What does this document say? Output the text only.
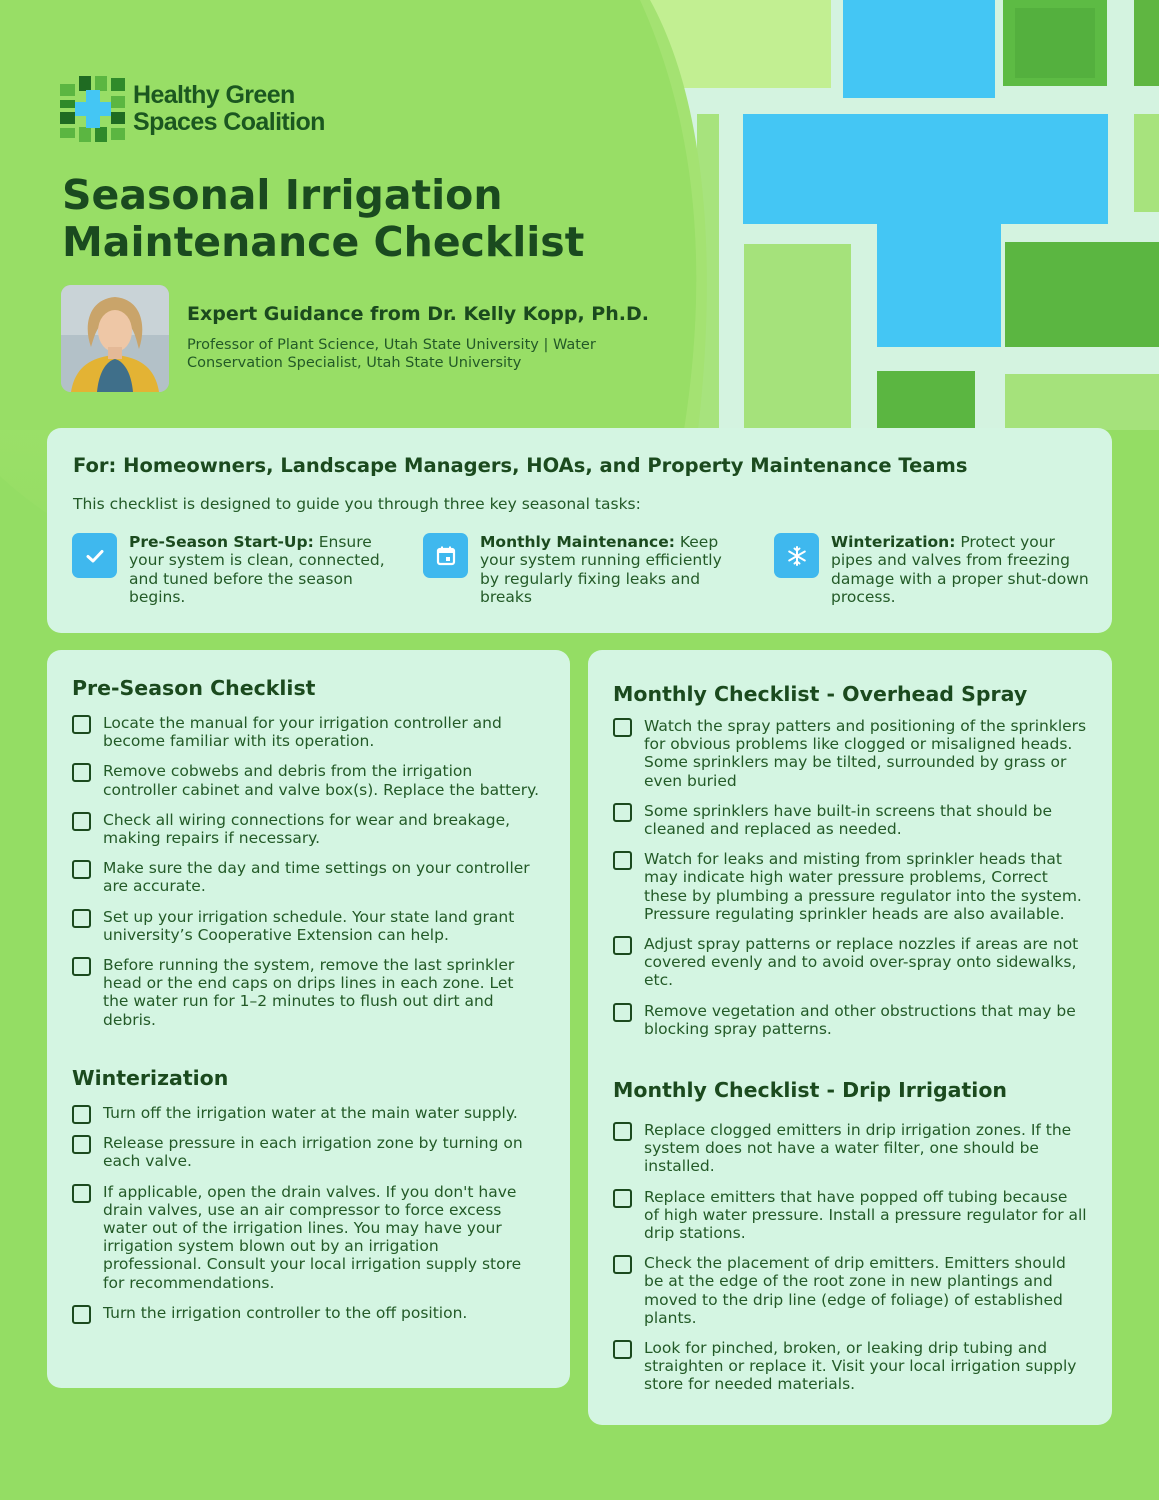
Healthy Green
Spaces Coalition
Seasonal Irrigation
Maintenance Checklist
Expert Guidance from Dr. Kelly Kopp, Ph.D.
Professor of Plant Science, Utah State University | Water Conservation Specialist, Utah State University
For: Homeowners, Landscape Managers, HOAs, and Property Maintenance Teams
This checklist is designed to guide you through three key seasonal tasks:
Pre-Season Start-Up: Ensure your system is clean, connected, and tuned before the season begins.
Monthly Maintenance: Keep your system running efficiently by regularly fixing leaks and breaks
Winterization: Protect your pipes and valves from freezing damage with a proper shut-down process.
Pre-Season Checklist
Locate the manual for your irrigation controller and become familiar with its operation.
Remove cobwebs and debris from the irrigation controller cabinet and valve box(s). Replace the battery.
Check all wiring connections for wear and breakage, making repairs if necessary.
Make sure the day and time settings on your controller are accurate.
Set up your irrigation schedule. Your state land grant university’s Cooperative Extension can help.
Before running the system, remove the last sprinkler head or the end caps on drips lines in each zone. Let the water run for 1–2 minutes to flush out dirt and debris.
Winterization
Turn off the irrigation water at the main water supply.
Release pressure in each irrigation zone by turning on each valve.
If applicable, open the drain valves. If you don't have drain valves, use an air compressor to force excess water out of the irrigation lines. You may have your irrigation system blown out by an irrigation professional. Consult your local irrigation supply store for recommendations.
Turn the irrigation controller to the off position.
Monthly Checklist - Overhead Spray
Watch the spray patters and positioning of the sprinklers for obvious problems like clogged or misaligned heads. Some sprinklers may be tilted, surrounded by grass or even buried
Some sprinklers have built-in screens that should be cleaned and replaced as needed.
Watch for leaks and misting from sprinkler heads that may indicate high water pressure problems, Correct these by plumbing a pressure regulator into the system. Pressure regulating sprinkler heads are also available.
Adjust spray patterns or replace nozzles if areas are not covered evenly and to avoid over-spray onto sidewalks, etc.
Remove vegetation and other obstructions that may be blocking spray patterns.
Monthly Checklist - Drip Irrigation
Replace clogged emitters in drip irrigation zones. If the system does not have a water filter, one should be installed.
Replace emitters that have popped off tubing because of high water pressure. Install a pressure regulator for all drip stations.
Check the placement of drip emitters. Emitters should be at the edge of the root zone in new plantings and moved to the drip line (edge of foliage) of established plants.
Look for pinched, broken, or leaking drip tubing and straighten or replace it. Visit your local irrigation supply store for needed materials.
